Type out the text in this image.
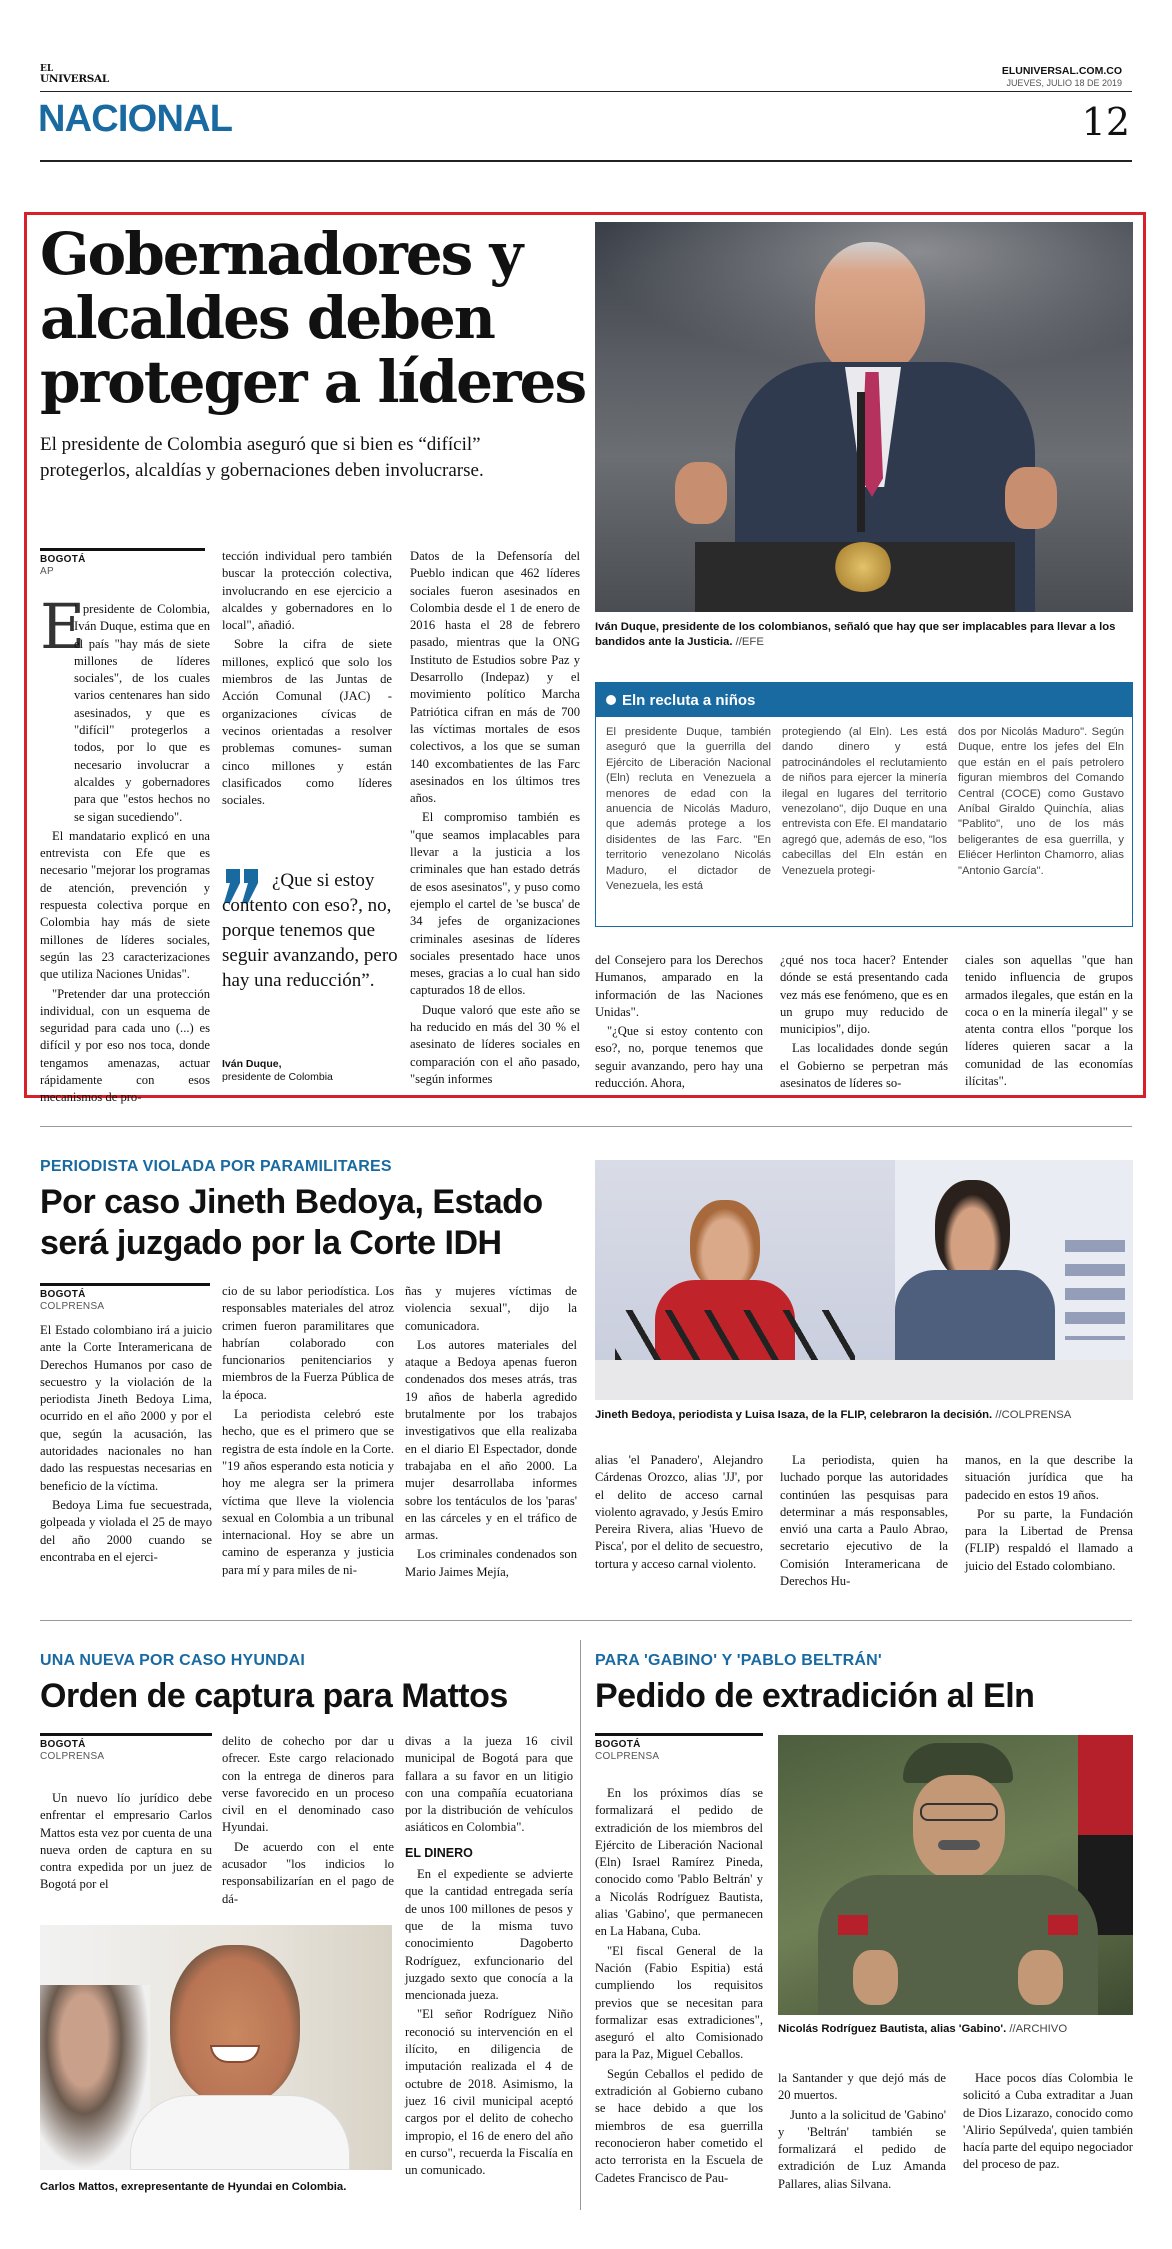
EL
UNIVERSAL
ELUNIVERSAL.COM.CO
JUEVES, JULIO 18 DE 2019
NACIONAL	12
Gobernadores y
alcaldes deben
proteger a líderes
El presidente de Colombia aseguró que si bien es “difícil”
protegerlos, alcaldías y gobernaciones deben involucrarse.
BOGOTÁ
AP
E

l presidente de Colombia, Iván Duque, estima que en el país "hay más de siete millones de líderes sociales", de los cuales varios centenares han sido asesinados, y que es "difícil" protegerlos a todos, por lo que es necesario involucrar a alcaldes y gobernadores para que "estos hechos no se sigan sucediendo".

El mandatario explicó en una entrevista con Efe que es necesario "mejorar los programas de atención, prevención y respuesta colectiva porque en Colombia hay más de siete millones de líderes sociales, según las 23 caracterizaciones que utiliza Naciones Unidas".

"Pretender dar una protección individual, con un esquema de seguridad para cada uno (...) es difícil y por eso nos toca, donde tengamos amenazas, actuar rápidamente con esos mecanismos de pro-

tección individual pero también buscar la protección colectiva, involucrando en ese ejercicio a alcaldes y gobernadores en lo local", añadió.

Sobre la cifra de siete millones, explicó que solo los miembros de las Juntas de Acción Comunal (JAC) -organizaciones cívicas de vecinos orientadas a resolver problemas comunes- suman cinco millones y están clasificados como líderes sociales.

¿Que si estoy contento con eso?, no, porque tenemos que seguir avanzando, pero hay una reducción”.
Iván Duque,
presidente de Colombia

Datos de la Defensoría del Pueblo indican que 462 líderes sociales fueron asesinados en Colombia desde el 1 de enero de 2016 hasta el 28 de febrero pasado, mientras que la ONG Instituto de Estudios sobre Paz y Desarrollo (Indepaz) y el movimiento político Marcha Patriótica cifran en más de 700 las víctimas mortales de esos colectivos, a los que se suman 140 excombatientes de las Farc asesinados en los últimos tres años.

El compromiso también es "que seamos implacables para llevar a la justicia a los criminales que han estado detrás de esos asesinatos", y puso como ejemplo el cartel de 'se busca' de 34 jefes de organizaciones criminales asesinas de líderes sociales presentado hace unos meses, gracias a lo cual han sido capturados 18 de ellos.

Duque valoró que este año se ha reducido en más del 30 % el asesinato de líderes sociales en comparación con el año pasado, "según informes

Iván Duque, presidente de los colombianos, señaló que hay que ser implacables para llevar a los bandidos ante la Justicia. //EFE
Eln recluta a niños
El presidente Duque, también aseguró que la guerrilla del Ejército de Liberación Nacional (Eln) recluta en Venezuela a menores de edad con la anuencia de Nicolás Maduro, que además protege a los disidentes de las Farc. "En territorio venezolano Nicolás Maduro, el dictador de Venezuela, les está
protegiendo (al Eln). Les está dando dinero y está patrocinándoles el reclutamiento de niños para ejercer la minería ilegal en lugares del territorio venezolano", dijo Duque en una entrevista con Efe. El mandatario agregó que, además de eso, "los cabecillas del Eln están en Venezuela protegi-
dos por Nicolás Maduro". Según Duque, entre los jefes del Eln que están en el país petrolero figuran miembros del Comando Central (COCE) como Gustavo Aníbal Giraldo Quinchía, alias "Pablito", uno de los más beligerantes de esa guerrilla, y Eliécer Herlinton Chamorro, alias "Antonio García".

del Consejero para los Derechos Humanos, amparado en la información de las Naciones Unidas".

"¿Que si estoy contento con eso?, no, porque tenemos que seguir avanzando, pero hay una reducción. Ahora,

¿qué nos toca hacer? Entender dónde se está presentando cada vez más ese fenómeno, que es en un grupo muy reducido de municipios", dijo.

Las localidades donde según el Gobierno se perpetran más asesinatos de líderes so-

ciales son aquellas "que han tenido influencia de grupos armados ilegales, que están en la coca o en la minería ilegal" y se atenta contra ellos "porque los líderes quieren sacar a la comunidad de las economías ilícitas".

PERIODISTA VIOLADA POR PARAMILITARES
Por caso Jineth Bedoya, Estado
será juzgado por la Corte IDH
BOGOTÁ
COLPRENSA

El Estado colombiano irá a juicio ante la Corte Interamericana de Derechos Humanos por caso de secuestro y la violación de la periodista Jineth Bedoya Lima, ocurrido en el año 2000 y por el que, según la acusación, las autoridades nacionales no han dado las respuestas necesarias en beneficio de la víctima.

Bedoya Lima fue secuestrada, golpeada y violada el 25 de mayo del año 2000 cuando se encontraba en el ejerci-

cio de su labor periodística. Los responsables materiales del atroz crimen fueron paramilitares que habrían colaborado con funcionarios penitenciarios y miembros de la Fuerza Pública de la época.

La periodista celebró este hecho, que es el primero que se registra de esta índole en la Corte. "19 años esperando esta noticia y hoy me alegra ser la primera víctima que lleve la violencia sexual en Colombia a un tribunal internacional. Hoy se abre un camino de esperanza y justicia para mí y para miles de ni-

ñas y mujeres víctimas de violencia sexual", dijo la comunicadora.

Los autores materiales del ataque a Bedoya apenas fueron condenados dos meses atrás, tras 19 años de haberla agredido brutalmente por los trabajos investigativos que ella realizaba en el diario El Espectador, donde trabajaba en el año 2000. La mujer desarrollaba informes sobre los tentáculos de los 'paras' en las cárceles y en el tráfico de armas.

Los criminales condenados son Mario Jaimes Mejía,

Jineth Bedoya, periodista y Luisa Isaza, de la FLIP, celebraron la decisión. //COLPRENSA

alias 'el Panadero', Alejandro Cárdenas Orozco, alias 'JJ', por el delito de acceso carnal violento agravado, y Jesús Emiro Pereira Rivera, alias 'Huevo de Pisca', por el delito de secuestro, tortura y acceso carnal violento.

La periodista, quien ha luchado porque las autoridades continúen las pesquisas para determinar a más responsables, envió una carta a Paulo Abrao, secretario ejecutivo de la Comisión Interamericana de Derechos Hu-

manos, en la que describe la situación jurídica que ha padecido en estos 19 años.

Por su parte, la Fundación para la Libertad de Prensa (FLIP) respaldó el llamado a juicio del Estado colombiano.

UNA NUEVA POR CASO HYUNDAI
Orden de captura para Mattos
BOGOTÁ
COLPRENSA

Un nuevo lío jurídico debe enfrentar el empresario Carlos Mattos esta vez por cuenta de una nueva orden de captura en su contra expedida por un juez de Bogotá por el

delito de cohecho por dar u ofrecer. Este cargo relacionado con la entrega de dineros para verse favorecido en un proceso civil en el denominado caso Hyundai.

De acuerdo con el ente acusador "los indicios lo responsabilizarían en el pago de dá-

divas a la jueza 16 civil municipal de Bogotá para que fallara a su favor en un litigio con una compañía ecuatoriana por la distribución de vehículos asiáticos en Colombia".

EL DINERO

En el expediente se advierte que la cantidad entregada sería de unos 100 millones de pesos y que de la misma tuvo conocimiento Dagoberto Rodríguez, exfuncionario del juzgado sexto que conocía a la mencionada jueza.

"El señor Rodríguez Niño reconoció su intervención en el ilícito, en diligencia de imputación realizada el 4 de octubre de 2018. Asimismo, la juez 16 civil municipal aceptó cargos por el delito de cohecho impropio, el 16 de enero del año en curso", recuerda la Fiscalía en un comunicado.

Carlos Mattos, exrepresentante de Hyundai en Colombia.
PARA 'GABINO' Y 'PABLO BELTRÁN'
Pedido de extradición al Eln
BOGOTÁ
COLPRENSA

En los próximos días se formalizará el pedido de extradición de los miembros del Ejército de Liberación Nacional (Eln) Israel Ramírez Pineda, conocido como 'Pablo Beltrán' y a Nicolás Rodríguez Bautista, alias 'Gabino', que permanecen en La Habana, Cuba.

"El fiscal General de la Nación (Fabio Espitia) está cumpliendo los requisitos previos que se necesitan para formalizar esas extradiciones", aseguró el alto Comisionado para la Paz, Miguel Ceballos.

Según Ceballos el pedido de extradición al Gobierno cubano se hace debido a que los miembros de esa guerrilla reconocieron haber cometido el acto terrorista en la Escuela de Cadetes Francisco de Pau-

Nicolás Rodríguez Bautista, alias 'Gabino'. //ARCHIVO

la Santander y que dejó más de 20 muertos.

Junto a la solicitud de 'Gabino' y 'Beltrán' también se formalizará el pedido de extradición de Luz Amanda Pallares, alias Silvana.

Hace pocos días Colombia le solicitó a Cuba extraditar a Juan de Dios Lizarazo, conocido como 'Alirio Sepúlveda', quien también hacía parte del equipo negociador del proceso de paz.
